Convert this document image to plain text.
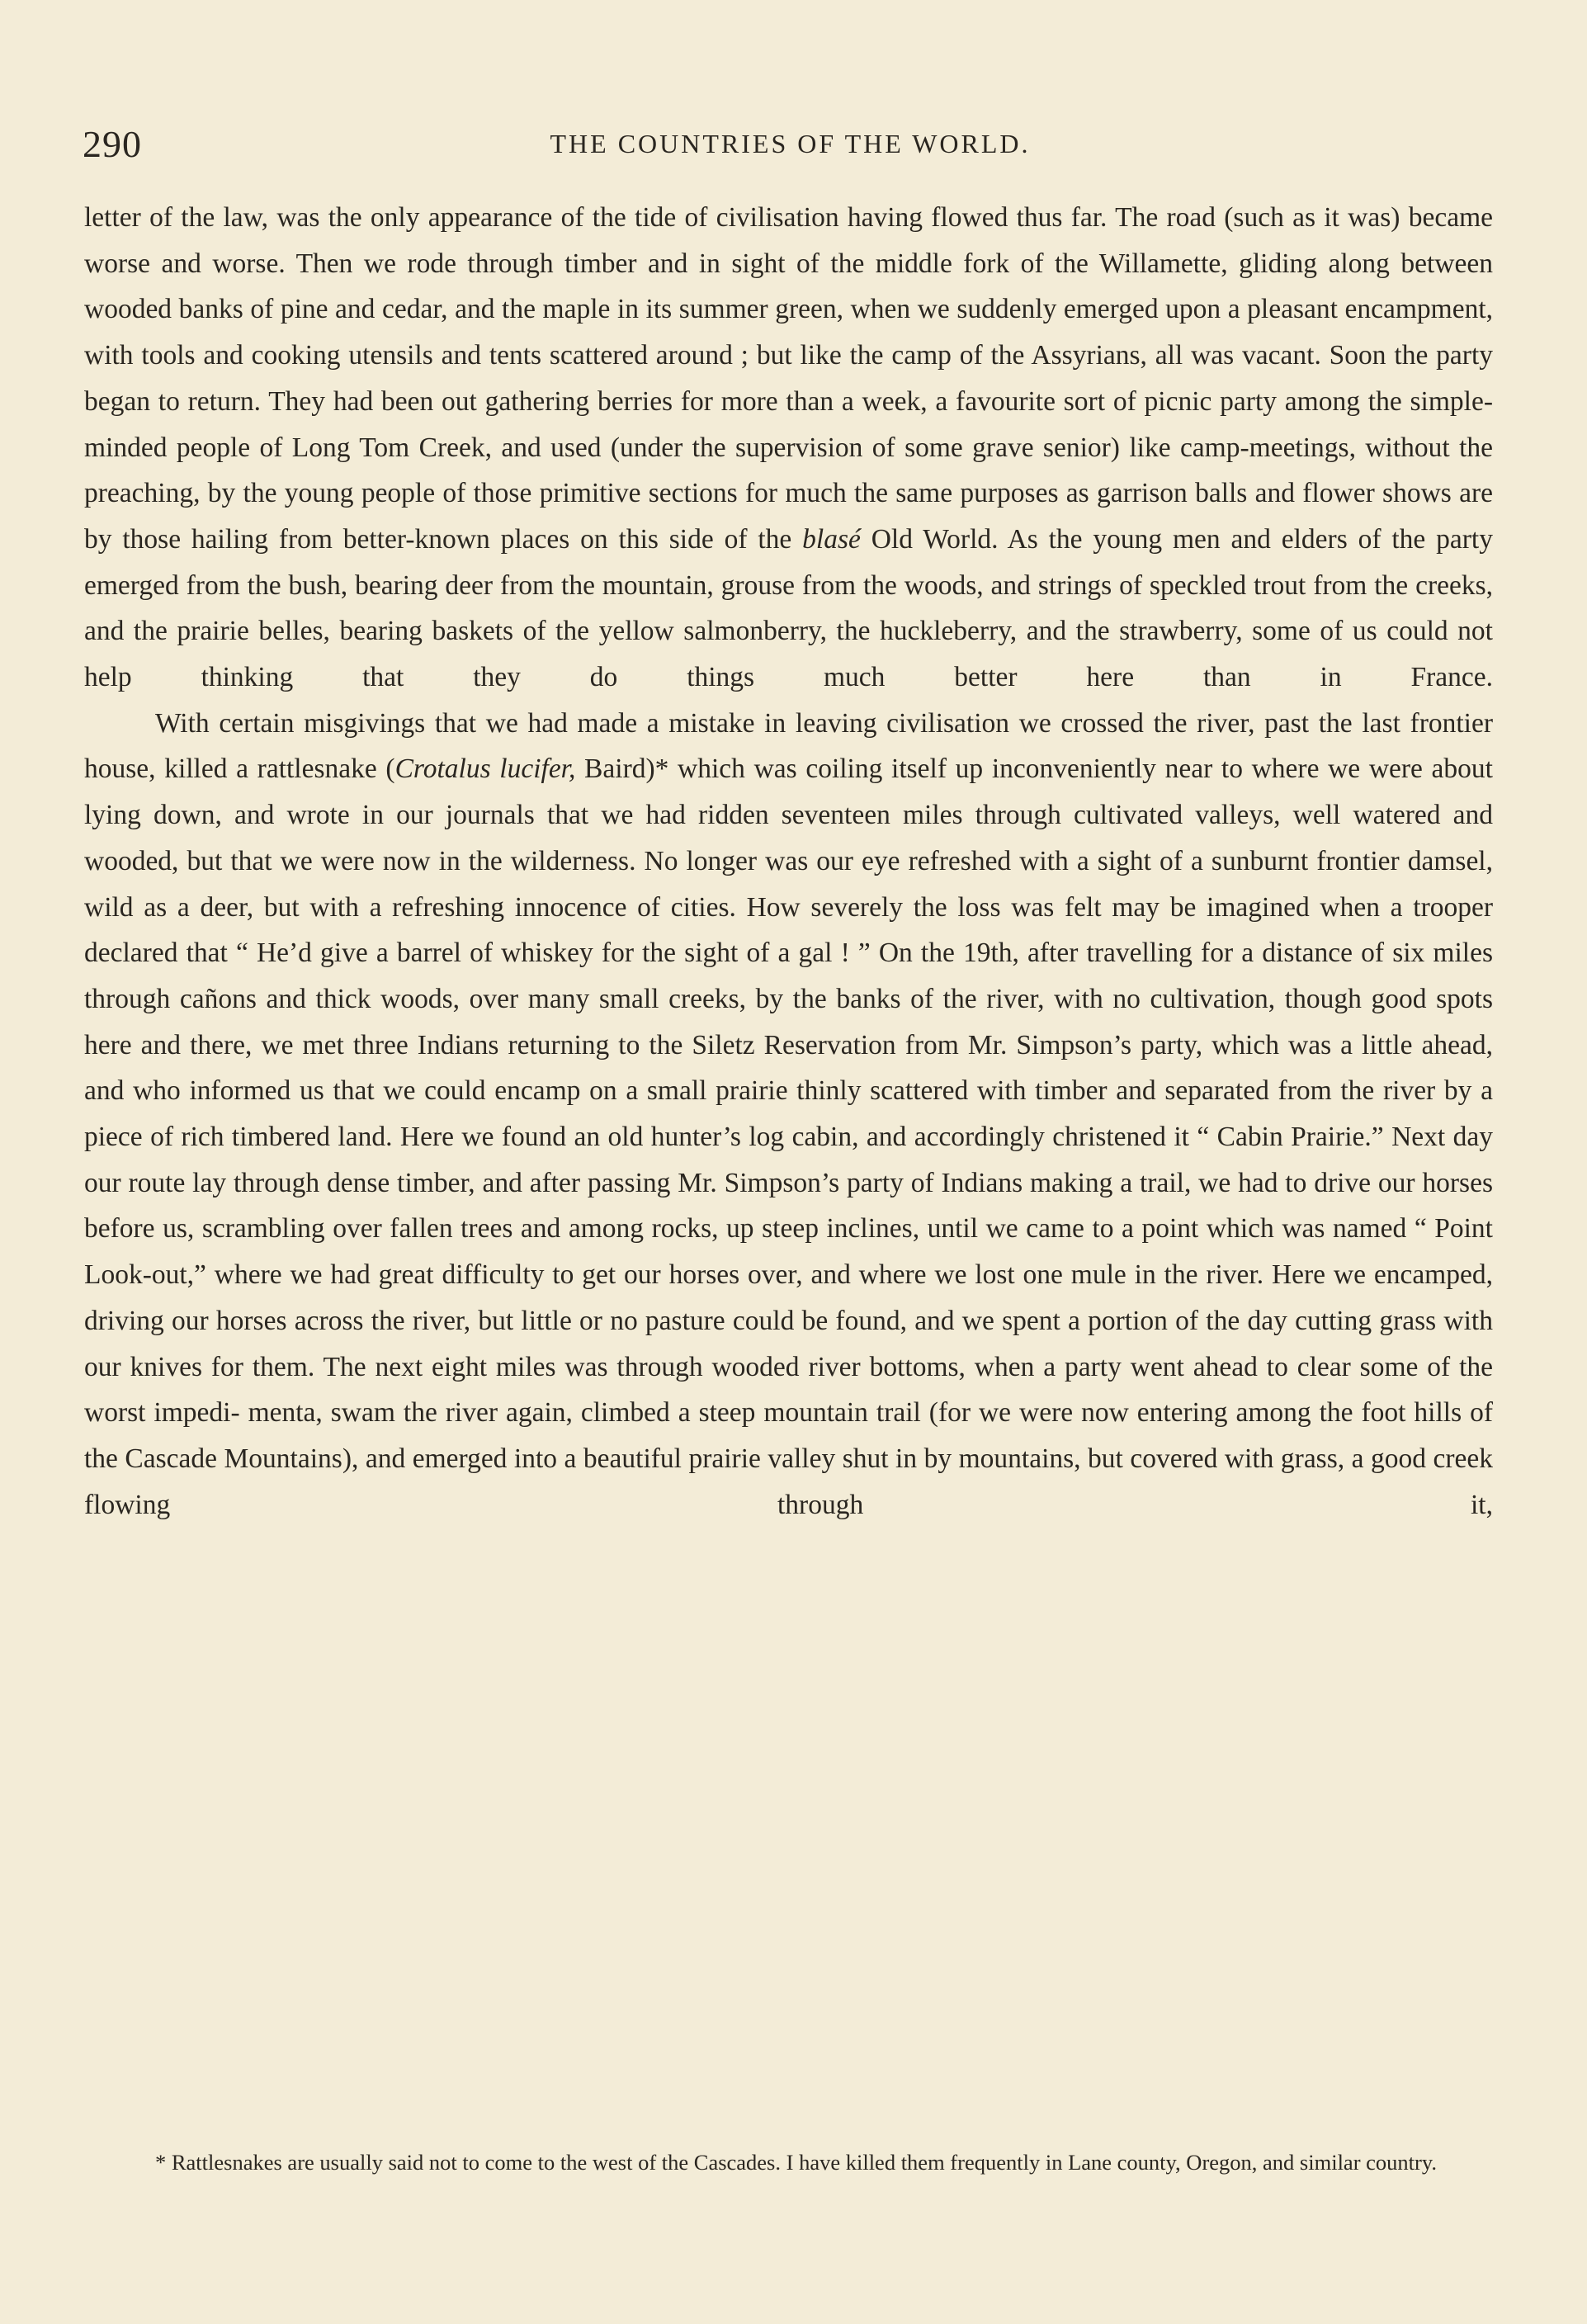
290	THE COUNTRIES OF THE WORLD.

letter of the law, was the only appearance of the tide of civilisation having flowed thus far. The road (such as it was) became worse and worse. Then we rode through timber and in sight of the middle fork of the Willamette, gliding along between wooded banks of pine and cedar, and the maple in its summer green, when we suddenly emerged upon a pleasant encampment, with tools and cooking utensils and tents scattered around ; but like the camp of the Assyrians, all was vacant. Soon the party began to return. They had been out gathering berries for more than a week, a favourite sort of picnic party among the simple-minded people of Long Tom Creek, and used (under the supervision of some grave senior) like camp-meetings, without the preaching, by the young people of those primitive sections for much the same purposes as garrison balls and flower shows are by those hailing from better-known places on this side of the blasé Old World. As the young men and elders of the party emerged from the bush, bearing deer from the mountain, grouse from the woods, and strings of speckled trout from the creeks, and the prairie belles, bearing baskets of the yellow salmonberry, the huckleberry, and the strawberry, some of us could not help thinking that they do things much better here than in France.

With certain misgivings that we had made a mistake in leaving civilisation we crossed the river, past the last frontier house, killed a rattlesnake (Crotalus lucifer, Baird)* which was coiling itself up inconveniently near to where we were about lying down, and wrote in our journals that we had ridden seventeen miles through cultivated valleys, well watered and wooded, but that we were now in the wilderness. No longer was our eye refreshed with a sight of a sunburnt frontier damsel, wild as a deer, but with a refreshing innocence of cities. How severely the loss was felt may be imagined when a trooper declared that “ He’d give a barrel of whiskey for the sight of a gal ! ” On the 19th, after travelling for a distance of six miles through cañons and thick woods, over many small creeks, by the banks of the river, with no cultivation, though good spots here and there, we met three Indians returning to the Siletz Reservation from Mr. Simpson’s party, which was a little ahead, and who informed us that we could encamp on a small prairie thinly scattered with timber and separated from the river by a piece of rich timbered land. Here we found an old hunter’s log cabin, and accordingly christened it “ Cabin Prairie.” Next day our route lay through dense timber, and after passing Mr. Simpson’s party of Indians making a trail, we had to drive our horses before us, scrambling over fallen trees and among rocks, up steep inclines, until we came to a point which was named “ Point Look-out,” where we had great difficulty to get our horses over, and where we lost one mule in the river. Here we encamped, driving our horses across the river, but little or no pasture could be found, and we spent a portion of the day cutting grass with our knives for them. The next eight miles was through wooded river bottoms, when a party went ahead to clear some of the worst impedi- menta, swam the river again, climbed a steep mountain trail (for we were now entering among the foot hills of the Cascade Mountains), and emerged into a beautiful prairie valley shut in by mountains, but covered with grass, a good creek flowing through it,

* Rattlesnakes are usually said not to come to the west of the Cascades. I have killed them frequently in Lane county, Oregon, and similar country.
